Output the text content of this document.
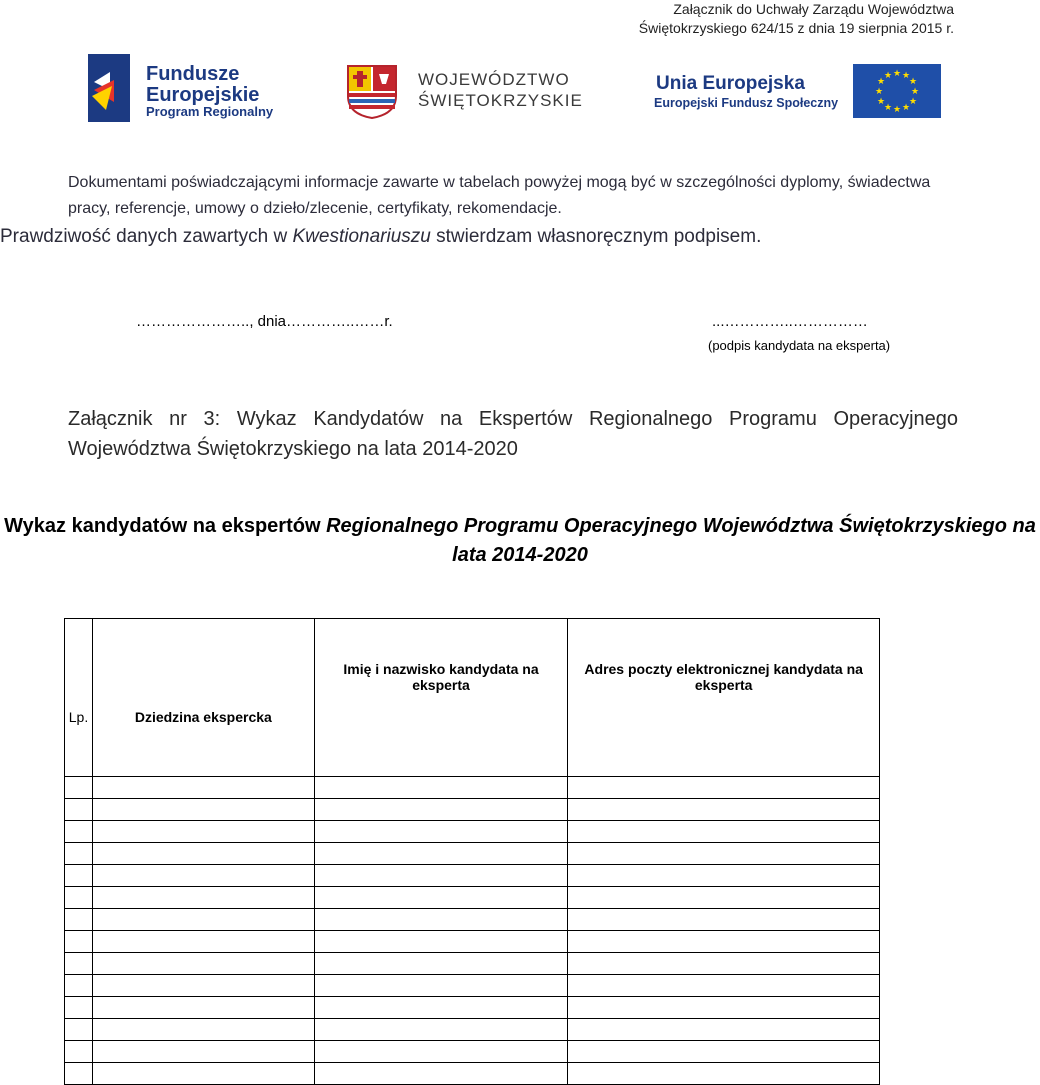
Załącznik do Uchwały Zarządu Województwa
Świętokrzyskiego 624/15 z dnia 19 sierpnia 2015 r.
Fundusze
Europejskie
Program Regionalny
WOJEWÓDZTWO
ŚWIĘTOKRZYSKIE
Unia Europejska
Europejski Fundusz Społeczny
★ ★
★
★
★
★
★
★
★
★
★
★
Dokumentami poświadczającymi informacje zawarte w tabelach powyżej mogą być w szczególności dyplomy, świadectwa pracy, referencje, umowy o dzieło/zlecenie, certyfikaty, rekomendacje.
Prawdziwość danych zawartych w Kwestionariuszu stwierdzam własnoręcznym podpisem.
………………….., dnia…………..……r.	...…………..……………
(podpis kandydata na eksperta)
Załącznik nr 3: Wykaz Kandydatów na Ekspertów Regionalnego Programu Operacyjnego Województwa Świętokrzyskiego na lata 2014-2020
Wykaz kandydatów na ekspertów Regionalnego Programu Operacyjnego Województwa Świętokrzyskiego na lata 2014-2020
Lp.	Dziedzina ekspercka	Imię i nazwisko kandydata na eksperta	Adres poczty elektronicznej kandydata na eksperta
